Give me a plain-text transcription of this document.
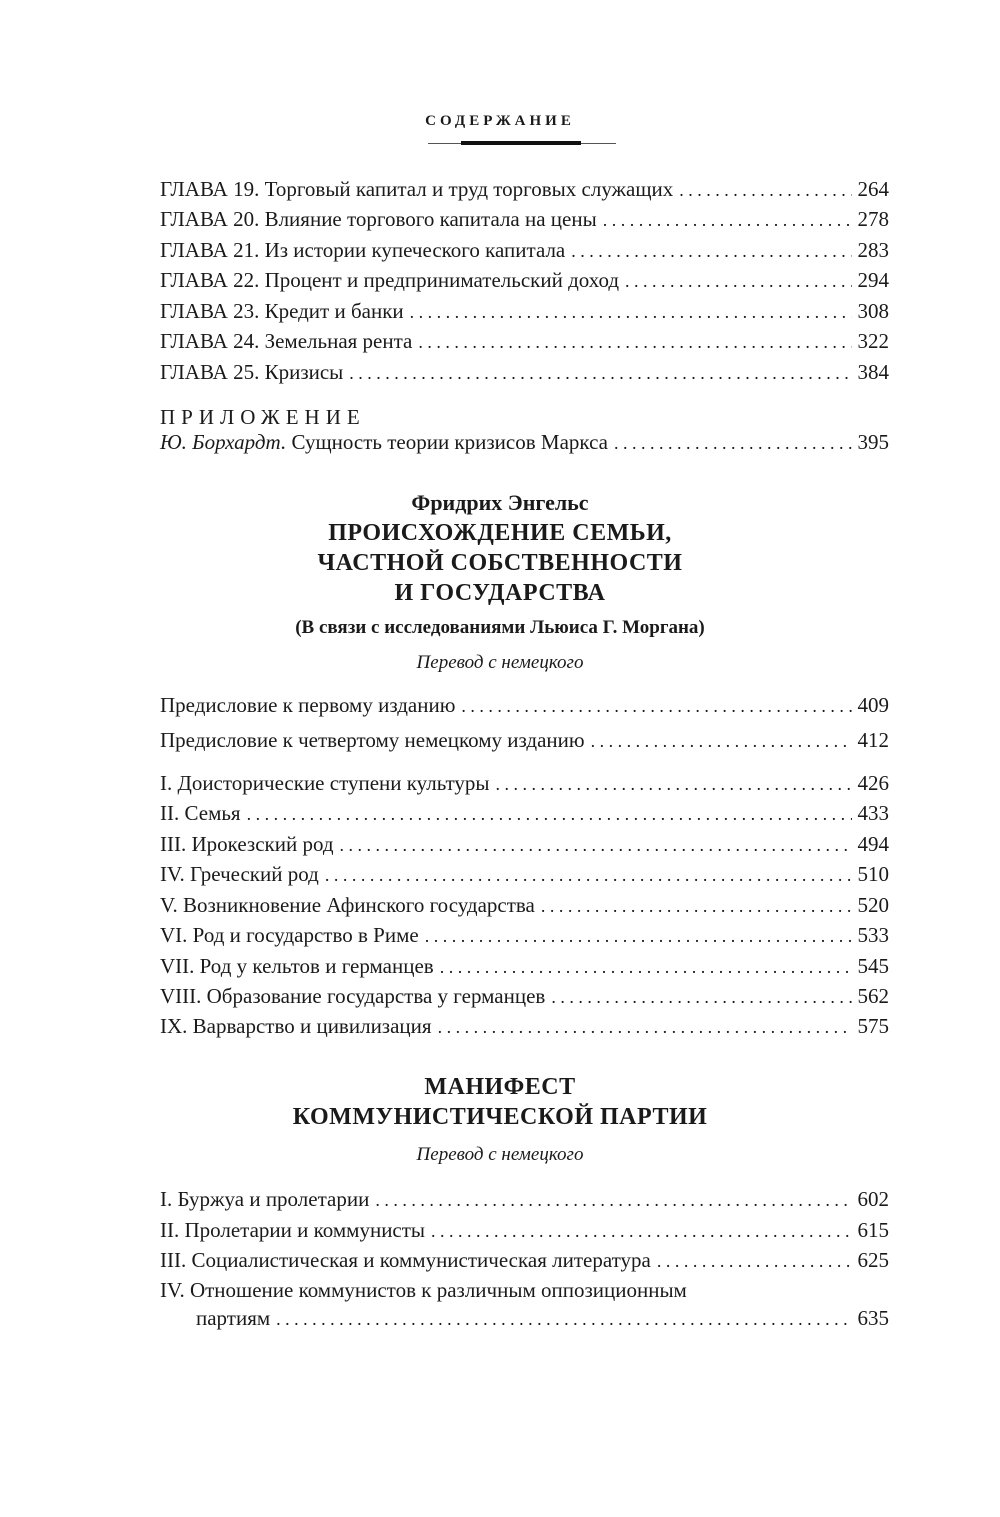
СОДЕРЖАНИЕ
ГЛАВА 19. Торговый капитал и труд торговых служащих . . .	264
ГЛАВА 20. Влияние торгового капитала на цены . . .	278
ГЛАВА 21. Из истории купеческого капитала . . .	283
ГЛАВА 22. Процент и предпринимательский доход . . .	294
ГЛАВА 23. Кредит и банки . . .	308
ГЛАВА 24. Земельная рента . . .	322
ГЛАВА 25. Кризисы . . .	384
ПРИЛОЖЕНИЕ
Ю. Борхардт. Сущность теории кризисов Маркса . . .	395
Фридрих Энгельс
ПРОИСХОЖДЕНИЕ СЕМЬИ,
ЧАСТНОЙ СОБСТВЕННОСТИ
И ГОСУДАРСТВА
(В связи с исследованиями Льюиса Г. Моргана)
Перевод с немецкого
Предисловие к первому изданию . . .	409
Предисловие к четвертому немецкому изданию . . .	412
I. Доисторические ступени культуры . . .	426
II. Семья . . .	433
III. Ирокезский род . . .	494
IV. Греческий род . . .	510
V. Возникновение Афинского государства . . .	520
VI. Род и государство в Риме . . .	533
VII. Род у кельтов и германцев . . .	545
VIII. Образование государства у германцев . . .	562
IX. Варварство и цивилизация . . .	575
МАНИФЕСТ
КОММУНИСТИЧЕСКОЙ ПАРТИИ
Перевод с немецкого
I. Буржуа и пролетарии . . .	602
II. Пролетарии и коммунисты . . .	615
III. Социалистическая и коммунистическая литература . . .	625
IV. Отношение коммунистов к различным оппозиционным
партиям . . .	635
